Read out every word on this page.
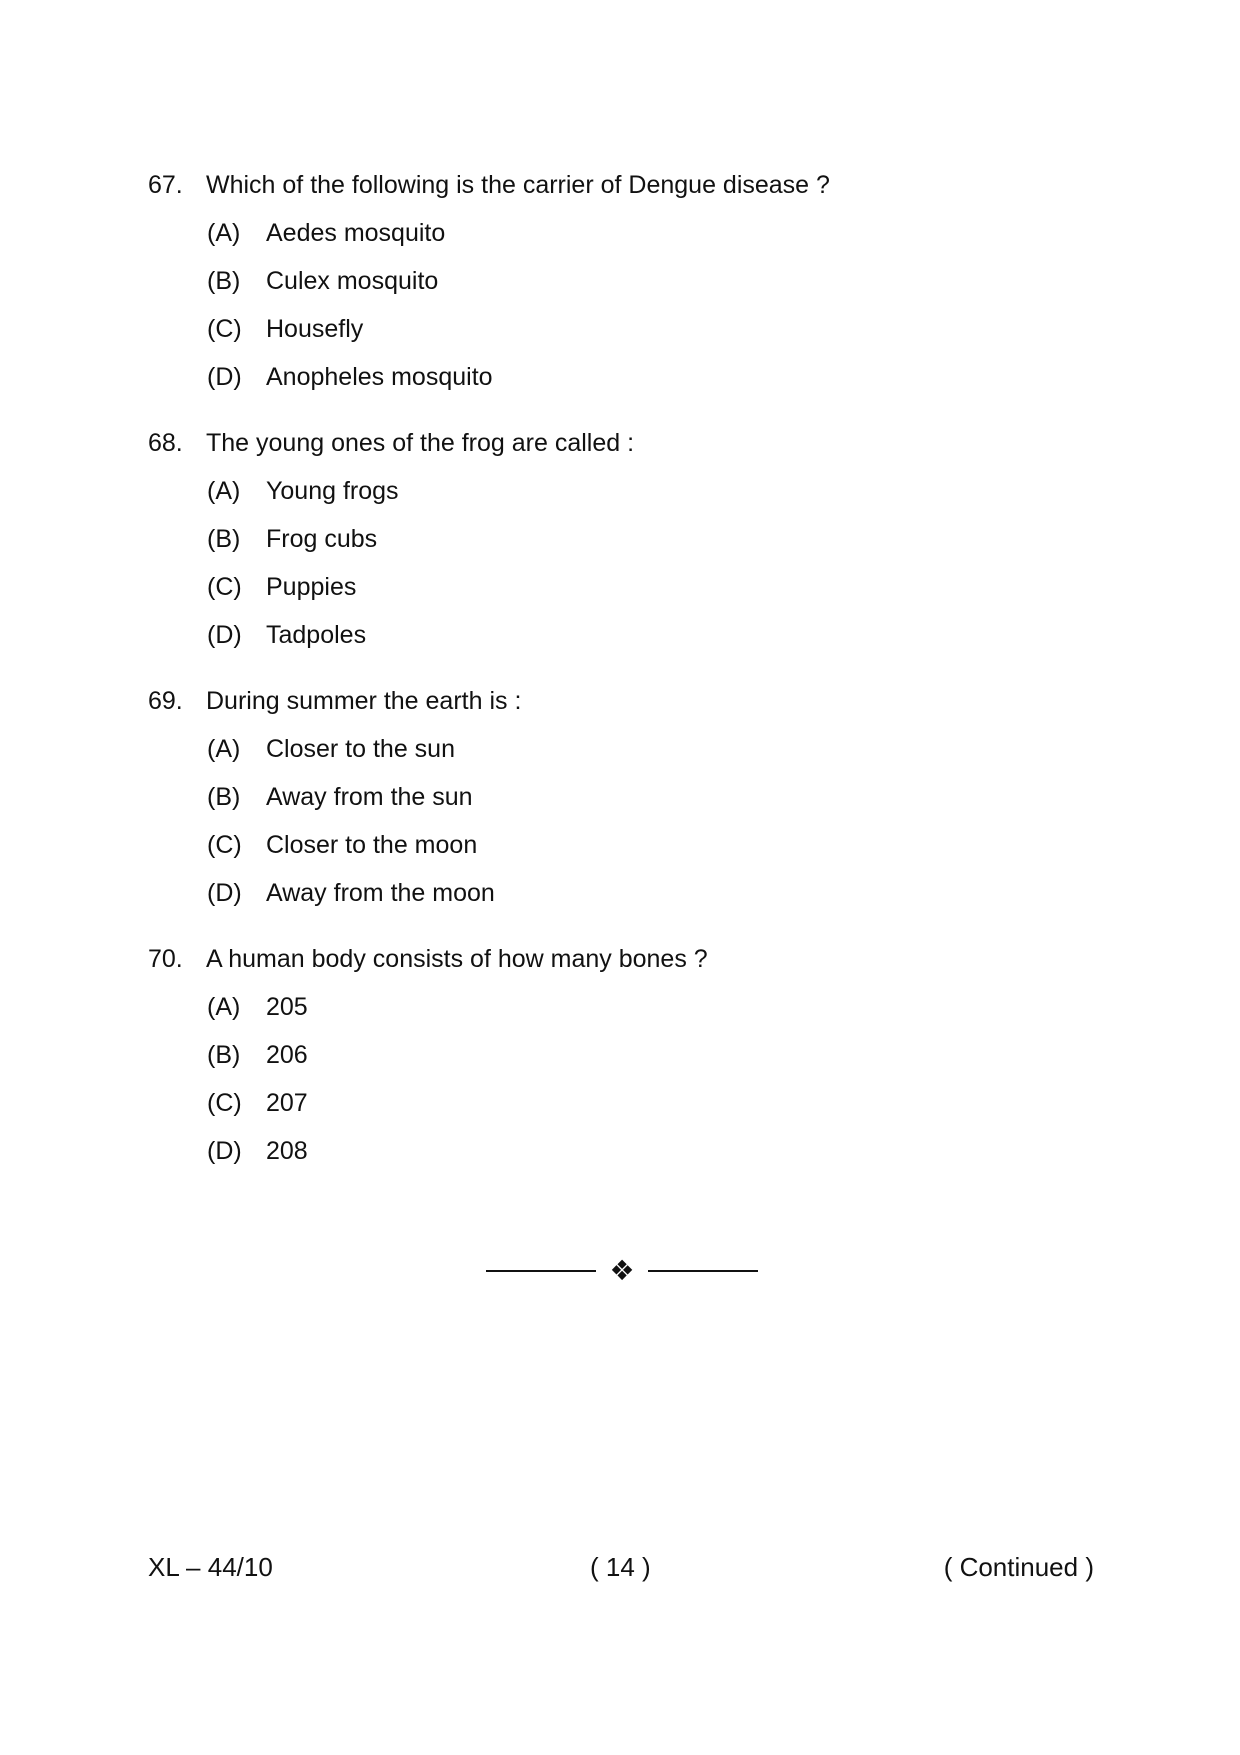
67. Which of the following is the carrier of Dengue disease ?
(A)	Aedes mosquito
(B)	Culex mosquito
(C) Housefly
(D) Anopheles mosquito
68. The young ones of the frog are called :
(A)	Young frogs
(B)	Frog cubs
(C) Puppies
(D) Tadpoles
69. During summer the earth is :
(A)	Closer to the sun
(B)	Away from the sun
(C) Closer to the moon
(D) Away from the moon
70. A human body consists of how many bones ?
(A)	205
(B)	206
(C) 207
(D) 208
❖
XL – 44/10	( 14 )	( Continued )
